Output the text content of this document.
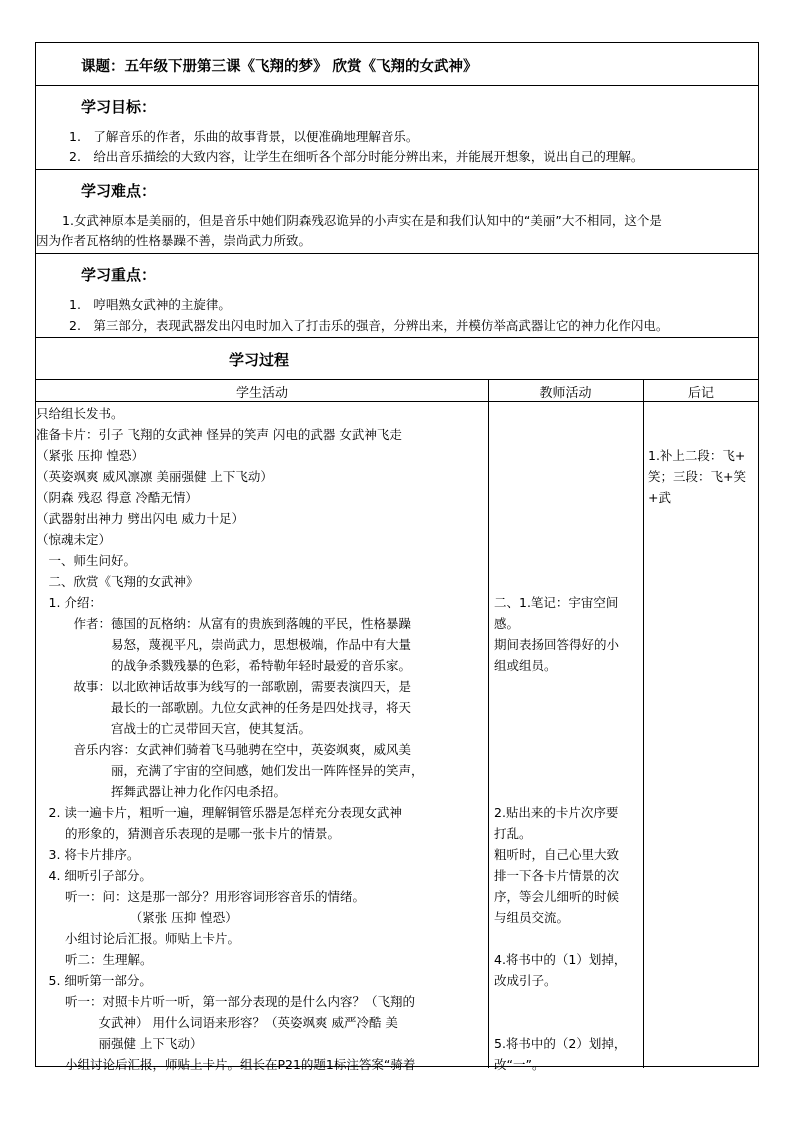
课题：五年级下册第三课《飞翔的梦》 欣赏《飞翔的女武神》
学习目标：
1.　了解音乐的作者，乐曲的故事背景，以便准确地理解音乐。
2.　给出音乐描绘的大致内容，让学生在细听各个部分时能分辨出来，并能展开想象，说出自己的理解。
学习难点：
1.女武神原本是美丽的，但是音乐中她们阴森残忍诡异的小声实在是和我们认知中的“美丽”大不相同，这个是
因为作者瓦格纳的性格暴躁不善，崇尚武力所致。
学习重点：
1.　哼唱熟女武神的主旋律。
2.　第三部分，表现武器发出闪电时加入了打击乐的强音，分辨出来，并模仿举高武器让它的神力化作闪电。
学习过程
学生活动	教师活动	后记
只给组长发书。
准备卡片：引子 飞翔的女武神 怪异的笑声 闪电的武器 女武神飞走
（紧张 压抑 惶恐）
（英姿飒爽 威风凛凛 美丽强健 上下飞动）
（阴森 残忍 得意 冷酷无情）
（武器射出神力 劈出闪电 威力十足）
（惊魂未定）
　一、师生问好。
　二、欣赏《飞翔的女武神》
　1. 介绍：
　　　作者：德国的瓦格纳：从富有的贵族到落魄的平民，性格暴躁
　　　　　　易怒，蔑视平凡，崇尚武力，思想极端，作品中有大量
　　　　　　的战争杀戮残暴的色彩，希特勒年轻时最爱的音乐家。
　　　故事：以北欧神话故事为线写的一部歌剧，需要表演四天，是
　　　　　　最长的一部歌剧。九位女武神的任务是四处找寻，将天
　　　　　　宫战士的亡灵带回天宫，使其复活。
　　　音乐内容：女武神们骑着飞马驰骋在空中，英姿飒爽，威风美
　　　　　　丽，充满了宇宙的空间感，她们发出一阵阵怪异的笑声，
　　　　　　挥舞武器让神力化作闪电杀招。
　2. 读一遍卡片，粗听一遍，理解铜管乐器是怎样充分表现女武神
　　 的形象的，猜测音乐表现的是哪一张卡片的情景。
　3. 将卡片排序。
　4. 细听引子部分。
　　 听一：问：这是那一部分？用形容词形容音乐的情绪。
　　　　　　　　（紧张 压抑 惶恐）
　　 小组讨论后汇报。师贴上卡片。
　　 听二：生理解。
　5. 细听第一部分。
　　 听一：对照卡片听一听，第一部分表现的是什么内容？（飞翔的
　　　　　女武神） 用什么词语来形容？（英姿飒爽 威严冷酷 美
　　　　　丽强健 上下飞动）
　　 小组讨论后汇报，师贴上卡片。组长在P21的题1标注答案“骑着
二、1.笔记：宇宙空间
感。
期间表扬回答得好的小
组或组员。
2.贴出来的卡片次序要
打乱。
粗听时，自己心里大致
排一下各卡片情景的次
序，等会儿细听的时候
与组员交流。
4.将书中的（1）划掉，
改成引子。
5.将书中的（2）划掉，
改“一”。
1.补上二段：飞+
笑；三段：飞+笑
+武
